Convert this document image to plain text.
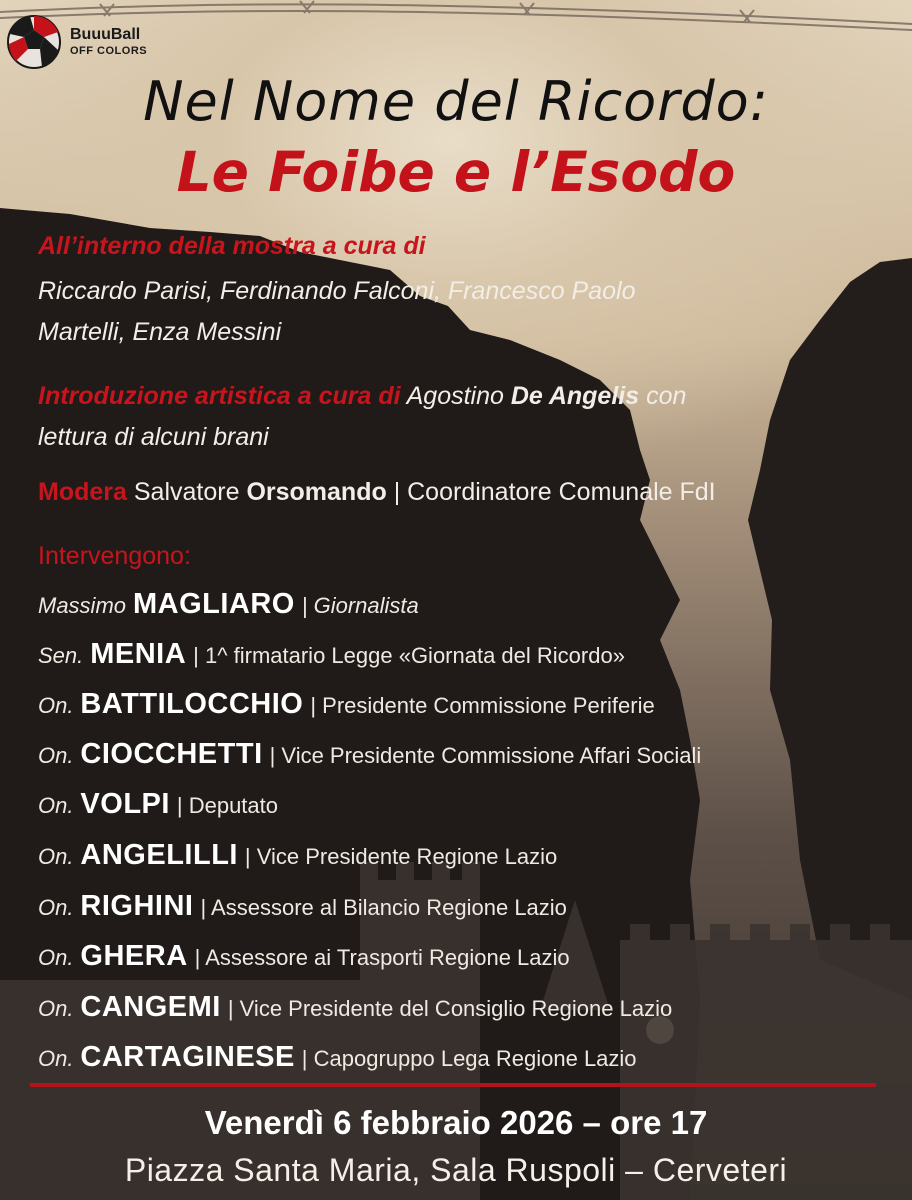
BuuuBall
OFF COLORS
Nel Nome del Ricordo:
Le Foibe e l’Esodo
All’interno della mostra a cura di
Riccardo Parisi, Ferdinando Falconi, Francesco Paolo
Martelli, Enza Messini
Introduzione artistica a cura di Agostino De Angelis con
lettura di alcuni brani
Modera Salvatore Orsomando | Coordinatore Comunale FdI
Intervengono:
Massimo MAGLIARO | Giornalista
Sen. MENIA | 1^ firmatario Legge «Giornata del Ricordo»
On. BATTILOCCHIO | Presidente Commissione Periferie
On. CIOCCHETTI | Vice Presidente Commissione Affari Sociali
On. VOLPI | Deputato
On. ANGELILLI | Vice Presidente Regione Lazio
On. RIGHINI | Assessore al Bilancio Regione Lazio
On. GHERA | Assessore ai Trasporti Regione Lazio
On. CANGEMI | Vice Presidente del Consiglio Regione Lazio
On. CARTAGINESE | Capogruppo Lega Regione Lazio
Venerdì 6 febbraio 2026 – ore 17
Piazza Santa Maria, Sala Ruspoli – Cerveteri
